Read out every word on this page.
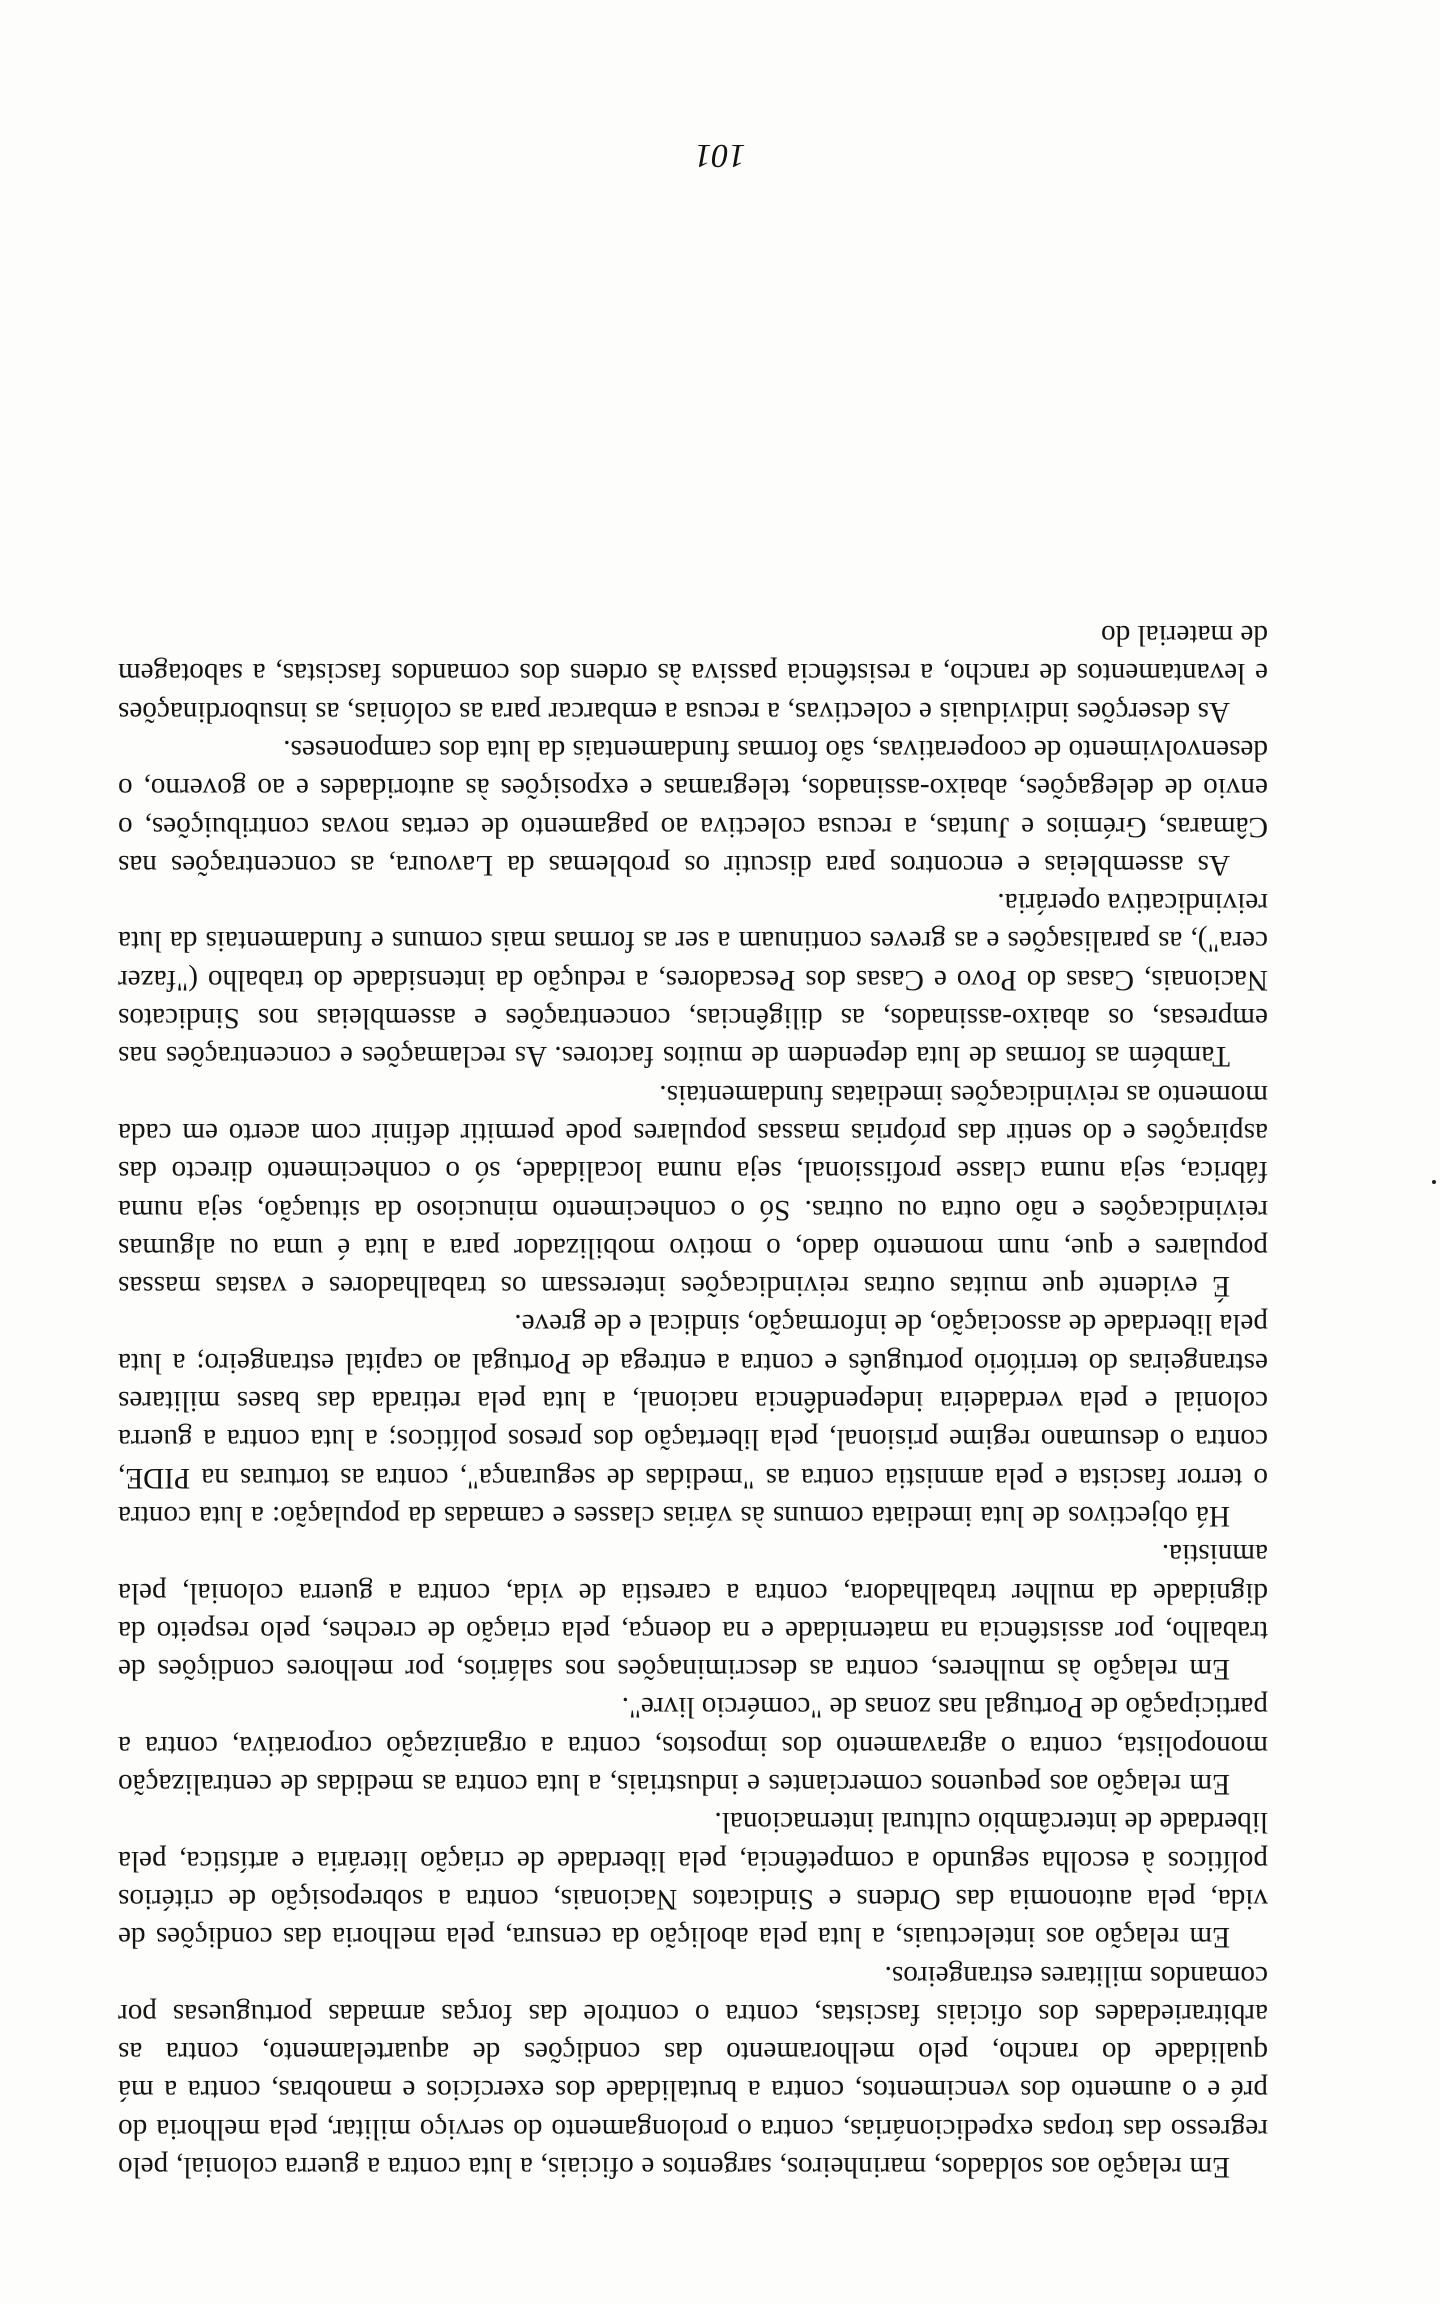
Em relação aos soldados, marinheiros, sargentos e oficiais, a luta contra a guerra colonial, pelo regresso das tropas expedicionárias, contra o prolongamento do serviço militar, pela melhoria do pré e o aumento dos vencimentos, contra a brutalidade dos exercícios e manobras, contra a má qualidade do rancho, pelo melhoramento das condições de aquartelamento, contra as arbitrariedades dos oficiais fascistas, contra o controle das forças armadas portuguesas por comandos militares estrangeiros.

Em relação aos intelectuais, a luta pela abolição da censura, pela melhoria das condições de vida, pela autonomia das Ordens e Sindicatos Nacionais, contra a sobreposição de critérios políticos à escolha segundo a competência, pela liberdade de criação literária e artística, pela liberdade de intercâmbio cultural internacional.

Em relação aos pequenos comerciantes e industriais, a luta contra as medidas de centralização monopolista, contra o agravamento dos impostos, contra a organização corporativa, contra a participação de Portugal nas zonas de "comércio livre".

Em relação às mulheres, contra as descriminações nos salários, por melhores condições de trabalho, por assistência na maternidade e na doença, pela criação de creches, pelo respeito da dignidade da mulher trabalhadora, contra a carestia de vida, contra a guerra colonial, pela amnistia.

Há objectivos de luta imediata comuns às várias classes e camadas da população: a luta contra o terror fascista e pela amnistia contra as "medidas de segurança", contra as torturas na PIDE, contra o desumano regime prisional, pela libertação dos presos políticos; a luta contra a guerra colonial e pela verdadeira independência nacional, a luta pela retirada das bases militares estrangeiras do território português e contra a entrega de Portugal ao capital estrangeiro; a luta pela liberdade de associação, de informação, sindical e de greve.

É evidente que muitas outras reivindicações interessam os trabalhadores e vastas massas populares e que, num momento dado, o motivo mobilizador para a luta é uma ou algumas reivindicações e não outra ou outras. Só o conhecimento minucioso da situação, seja numa fábrica, seja numa classe profissional, seja numa localidade, só o conhecimento directo das aspirações e do sentir das próprias massas populares pode permitir definir com acerto em cada momento as reivindicações imediatas fundamentais.

Também as formas de luta dependem de muitos factores. As reclamações e concentrações nas empresas, os abaixo-assinados, as diligências, concentrações e assembleias nos Sindicatos Nacionais, Casas do Povo e Casas dos Pescadores, a redução da intensidade do trabalho ("fazer cera"), as paralisações e as greves continuam a ser as formas mais comuns e fundamentais da luta reivindicativa operária.

As assembleias e encontros para discutir os problemas da Lavoura, as concentrações nas Câmaras, Grémios e Juntas, a recusa colectiva ao pagamento de certas novas contribuições, o envio de delegações, abaixo-assinados, telegramas e exposições às autoridades e ao governo, o desenvolvimento de cooperativas, são formas fundamentais da luta dos camponeses.

As deserções individuais e colectivas, a recusa a embarcar para as colónias, as insubordinações e levantamentos de rancho, a resistência passiva às ordens dos comandos fascistas, a sabotagem de material do

101
